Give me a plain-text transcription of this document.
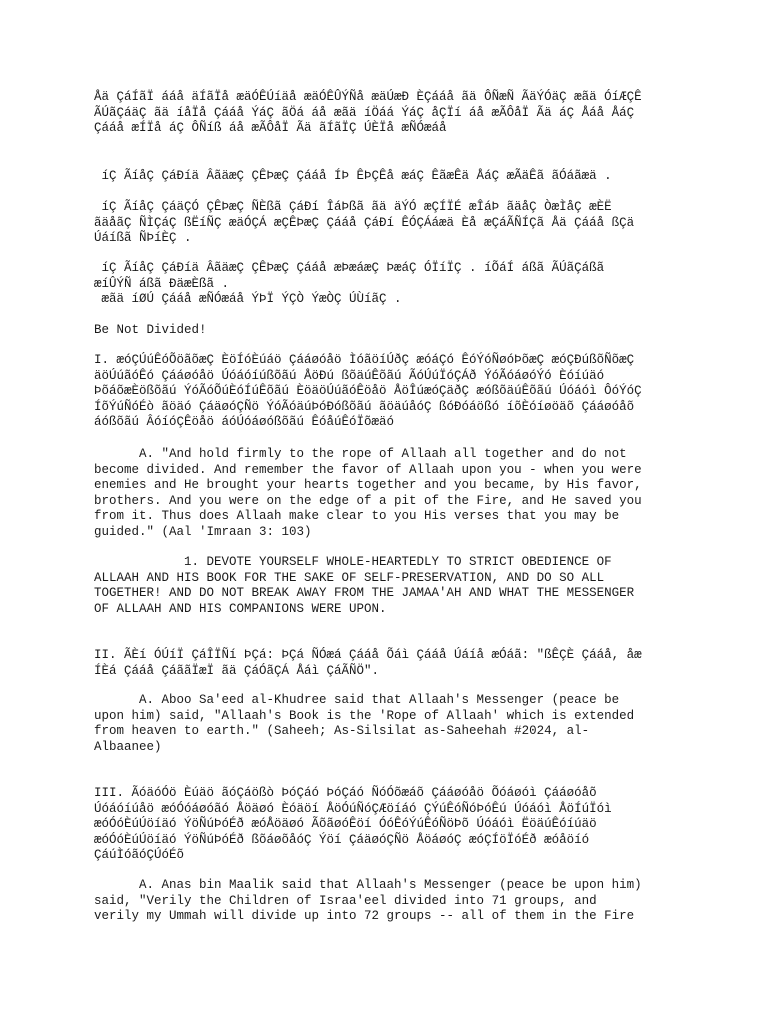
Åä ÇáÍãÏ ááå äÍãÏå æäÓÊÚíäå æäÓÊÛÝÑå æäÚæÐ ÈÇááå ãä ÔÑæÑ ÃäÝÓäÇ æãä ÓíÆÇÊ
ÃÚãÇáäÇ ãä íåÏå Çááå ÝáÇ ãÖá áå æãä íÖáá ÝáÇ åÇÏí áå æÃÔåÏ Ãä áÇ Åáå ÅáÇ
Çááå æÍÏå áÇ ÔÑíß áå æÃÔåÏ Ãä ãÍãÏÇ ÚÈÏå æÑÓæáå
íÇ ÃíåÇ ÇáÐíä ÂãäæÇ ÇÊÞæÇ Çááå ÍÞ ÊÞÇÊå æáÇ ÊãæÊä ÅáÇ æÃäÊã ãÓáãæä .
íÇ ÃíåÇ ÇáäÇÓ ÇÊÞæÇ ÑÈßã ÇáÐí ÎáÞßã ãä äÝÓ æÇÍÏÉ æÎáÞ ãäåÇ ÒæÌåÇ æÈË
ãäåãÇ ÑÌÇáÇ ßËíÑÇ æäÓÇÁ æÇÊÞæÇ Çááå ÇáÐí ÊÓÇÁáæä Èå æÇáÃÑÍÇã Åä Çááå ßÇä
Úáíßã ÑÞíÈÇ .
íÇ ÃíåÇ ÇáÐíä ÂãäæÇ ÇÊÞæÇ Çááå æÞæáæÇ ÞæáÇ ÓÏíÏÇ . íÕáÍ áßã ÃÚãÇáßã
æíÛÝÑ áßã ÐäæÈßã .
æãä íØÚ Çááå æÑÓæáå ÝÞÏ ÝÇÒ ÝæÒÇ ÚÙíãÇ .
Be Not Divided!
I. æóÇÚúÊóÕöãõæÇ ÈöÍóÈúáö Çááøóåö ÌóãöíÚðÇ æóáÇó ÊóÝóÑøóÞõæÇ æóÇÐúßõÑõæÇ
äöÚúãóÊó Çááøóåö Úóáóíúßõãú ÅöÐú ßõäúÊõãú ÃóÚúÏóÇÁð ÝóÃóáøóÝó Èóíúäó
ÞõáõæÈößõãú ÝóÃóÕúÈóÍúÊõãú ÈöäöÚúãóÊöåö ÅöÎúæóÇäðÇ æóßõäúÊõãú Úóáóì ÔóÝóÇ
ÍõÝúÑóÉò ãöäó ÇáäøóÇÑö ÝóÃóäúÞóÐóßõãú ãöäúåóÇ ßóÐóáößó íõÈóíøöäõ Çááøóåõ
áóßõãú ÂóíóÇÊöåö áóÚóáøóßõãú ÊóåúÊóÏõæäó
A. "And hold firmly to the rope of Allaah all together and do not
become divided. And remember the favor of Allaah upon you - when you were
enemies and He brought your hearts together and you became, by His favor,
brothers. And you were on the edge of a pit of the Fire, and He saved you
from it. Thus does Allaah make clear to you His verses that you may be
guided." (Aal 'Imraan 3: 103)
1. DEVOTE YOURSELF WHOLE-HEARTEDLY TO STRICT OBEDIENCE OF
ALLAAH AND HIS BOOK FOR THE SAKE OF SELF-PRESERVATION, AND DO SO ALL
TOGETHER! AND DO NOT BREAK AWAY FROM THE JAMAA'AH AND WHAT THE MESSENGER
OF ALLAAH AND HIS COMPANIONS WERE UPON.
II. ÃÈí ÓÚíÏ ÇáÎÏÑí ÞÇá: ÞÇá ÑÓæá Çááå Õáì Çááå Úáíå æÓáã: "ßÊÇÈ Çááå, åæ
ÍÈá Çááå ÇáããÏæÏ ãä ÇáÓãÇÁ Åáì ÇáÃÑÖ".
A. Aboo Sa'eed al-Khudree said that Allaah's Messenger (peace be
upon him) said, "Allaah's Book is the 'Rope of Allaah' which is extended
from heaven to earth." (Saheeh; As-Silsilat as-Saheehah #2024, al-
Albaanee)
III. ÃóäóÓö Èúäö ãóÇáößò ÞóÇáó ÞóÇáó ÑóÓõæáõ Çááøóåö Õóáøóì Çááøóåõ
Úóáóíúåö æóÓóáøóãó Åöäøó Èóäöí ÅöÓúÑóÇÆöíáó ÇÝúÊóÑóÞóÊú Úóáóì ÅöÍúÏóì
æóÓóÈúÚöíäó ÝöÑúÞóÉð æóÅöäøó ÃõãøóÊöí ÓóÊóÝúÊóÑöÞõ Úóáóì ËöäúÊóíúäö
æóÓóÈúÚöíäó ÝöÑúÞóÉð ßõáøõåóÇ Ýöí ÇáäøóÇÑö ÅöáøóÇ æóÇÍöÏóÉð æóåöíó
ÇáúÌóãóÇÚóÉõ
A. Anas bin Maalik said that Allaah's Messenger (peace be upon him)
said, "Verily the Children of Israa'eel divided into 71 groups, and
verily my Ummah will divide up into 72 groups -- all of them in the Fire
